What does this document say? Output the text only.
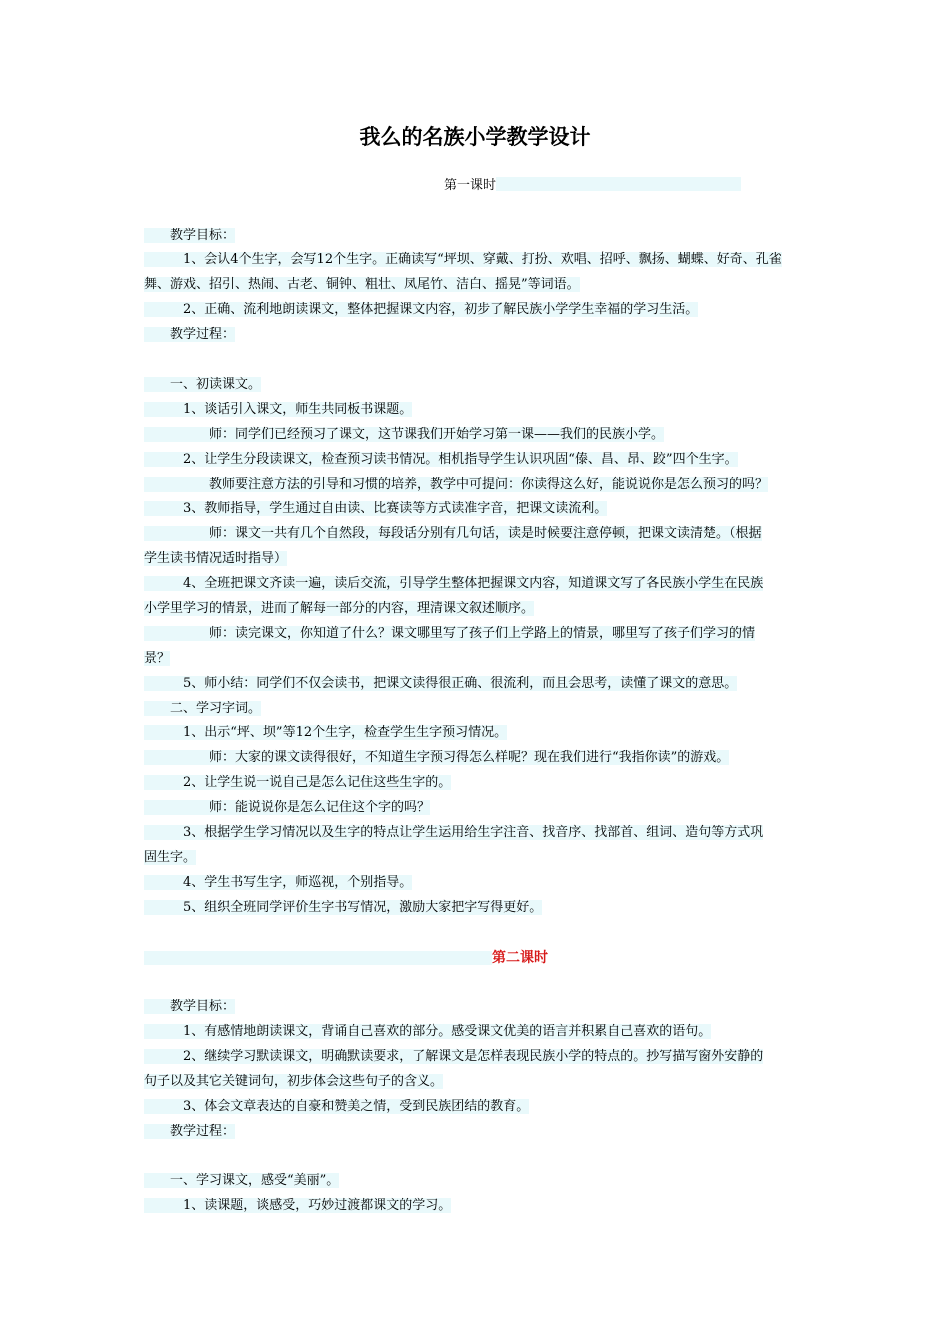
我么的名族小学教学设计
第一课时
　　教学目标：
　　　1、会认4个生字，会写12个生字。正确读写“坪坝、穿戴、打扮、欢唱、招呼、飘扬、蝴蝶、好奇、孔雀
舞、游戏、招引、热闹、古老、铜钟、粗壮、凤尾竹、洁白、摇晃”等词语。
　　　2、正确、流利地朗读课文，整体把握课文内容，初步了解民族小学学生幸福的学习生活。
　　教学过程：
　　一、初读课文。
　　　1、谈话引入课文，师生共同板书课题。
　　　　　师：同学们已经预习了课文，这节课我们开始学习第一课——我们的民族小学。
　　　2、让学生分段读课文，检查预习读书情况。相机指导学生认识巩固“傣、昌、昂、跤”四个生字。
　　　　　教师要注意方法的引导和习惯的培养，教学中可提问：你读得这么好，能说说你是怎么预习的吗？
　　　3、教师指导，学生通过自由读、比赛读等方式读准字音，把课文读流利。
　　　　　师：课文一共有几个自然段，每段话分别有几句话，读是时候要注意停顿，把课文读清楚。（根据
学生读书情况适时指导）
　　　4、全班把课文齐读一遍，读后交流，引导学生整体把握课文内容，知道课文写了各民族小学生在民族
小学里学习的情景，进而了解每一部分的内容，理清课文叙述顺序。
　　　　　师：读完课文，你知道了什么？课文哪里写了孩子们上学路上的情景，哪里写了孩子们学习的情
景？
　　　5、师小结：同学们不仅会读书，把课文读得很正确、很流利，而且会思考，读懂了课文的意思。
　　二、学习字词。
　　　1、出示“坪、坝”等12个生字，检查学生生字预习情况。
　　　　　师：大家的课文读得很好，不知道生字预习得怎么样呢？现在我们进行“我指你读”的游戏。
　　　2、让学生说一说自己是怎么记住这些生字的。
　　　　　师：能说说你是怎么记住这个字的吗？
　　　3、根据学生学习情况以及生字的特点让学生运用给生字注音、找音序、找部首、组词、造句等方式巩
固生字。
　　　4、学生书写生字，师巡视，个别指导。
　　　5、组织全班同学评价生字书写情况，激励大家把字写得更好。
第二课时
　　教学目标：
　　　1、有感情地朗读课文，背诵自己喜欢的部分。感受课文优美的语言并积累自己喜欢的语句。
　　　2、继续学习默读课文，明确默读要求，了解课文是怎样表现民族小学的特点的。抄写描写窗外安静的
句子以及其它关键词句，初步体会这些句子的含义。
　　　3、体会文章表达的自豪和赞美之情，受到民族团结的教育。
　　教学过程：
　　一、学习课文，感受“美丽”。
　　　1、读课题，谈感受，巧妙过渡都课文的学习。
